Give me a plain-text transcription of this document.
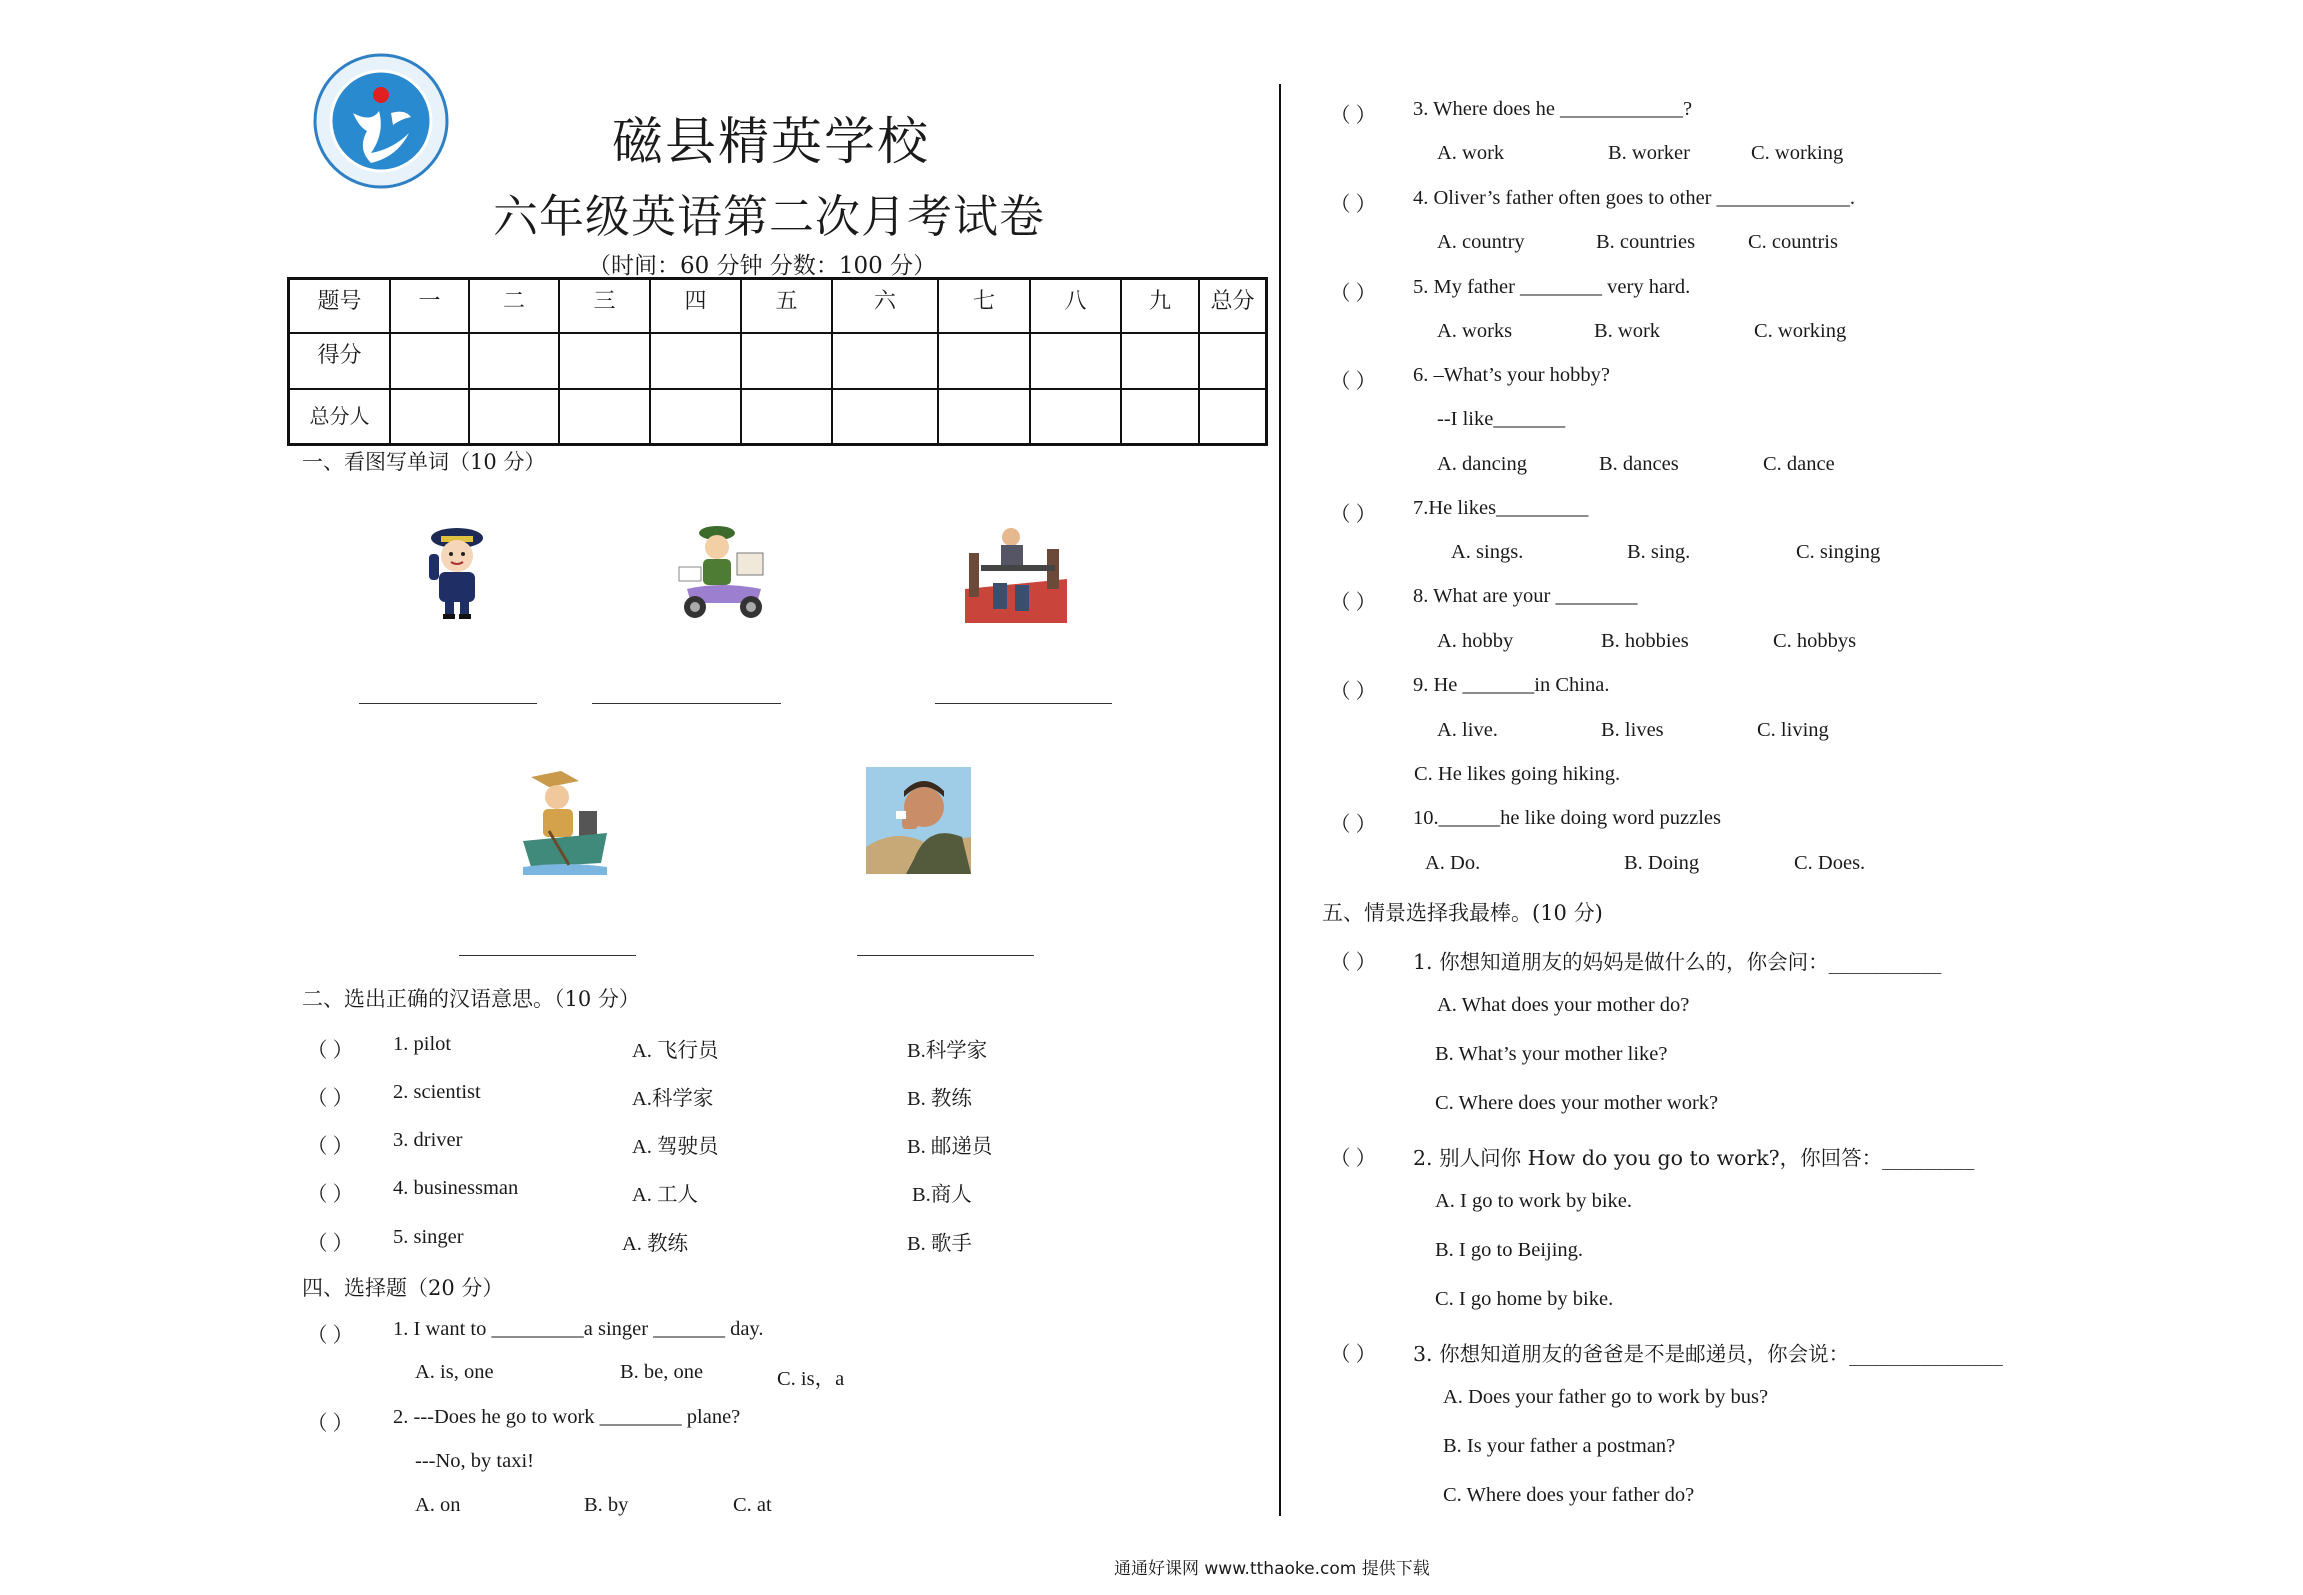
磁县精英学校
六年级英语第二次月考试卷
（时间：60 分钟 分数：100 分）
题号	一	二	三	四	五	六	七	八	九	总分
得分										
总分人										
一、看图写单词（10 分）
二、选出正确的汉语意思。（10 分）
（ ） 1. pilot	A. 飞行员	B.科学家
（ ） 2. scientist	A.科学家	B. 教练
（ ） 3. driver	A. 驾驶员	B. 邮递员
（ ） 4. businessman	A. 工人	B.商人
（ ） 5. singer	A. 教练	B. 歌手
四、选择题（20 分）
（ ） 1. I want to _________a singer _______ day.
A. is, one	B. be, one	C. is，a
（ ） 2. ---Does he go to work ________ plane?
---No, by taxi!
A. on	B. by	C. at
（ ） 3. Where does he ____________?
A. work	B. worker	C. working
（ ） 4. Oliver’s father often goes to other _____________.
A. country	B. countries	C. countris
（ ） 5. My father ________ very hard.
A. works	B. work	C. working
（ ） 6. –What’s your hobby?
--I like_______
A. dancing	B. dances	C. dance
（ ） 7.He likes_________
A. sings.	B. sing.	C. singing
（ ） 8. What are your ________
A. hobby	B. hobbies	C. hobbys
（ ） 9. He _______in China.
A. live.	B. lives	C. living
C. He likes going hiking.
（ ） 10.______he like doing word puzzles
A. Do.	B. Doing	C. Does.
五、情景选择我最棒。(10 分)
（ ） 1. 你想知道朋友的妈妈是做什么的，你会问：___________
A. What does your mother do?
B. What’s your mother like?
C. Where does your mother work?
（ ） 2. 别人问你 How do you go to work?，你回答：_________
A. I go to work by bike.
B. I go to Beijing.
C. I go home by bike.
（ ） 3. 你想知道朋友的爸爸是不是邮递员，你会说：_______________
A. Does your father go to work by bus?
B. Is your father a postman?
C. Where does your father do?
通通好课网 www.tthaoke.com 提供下载
